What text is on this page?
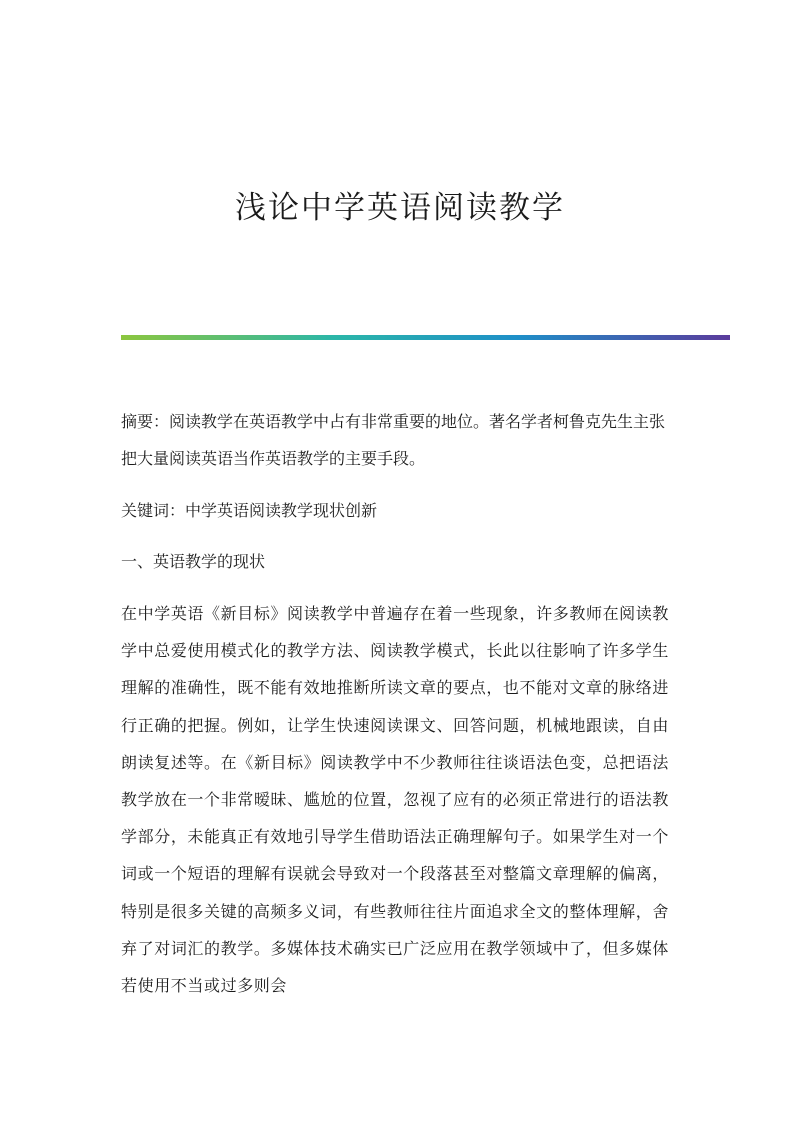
浅论中学英语阅读教学

摘要：阅读教学在英语教学中占有非常重要的地位。著名学者柯鲁克先生主张把大量阅读英语当作英语教学的主要手段。

关键词：中学英语阅读教学现状创新

一、英语教学的现状

在中学英语《新目标》阅读教学中普遍存在着一些现象，许多教师在阅读教学中总爱使用模式化的教学方法、阅读教学模式，长此以往影响了许多学生理解的准确性，既不能有效地推断所读文章的要点，也不能对文章的脉络进行正确的把握。例如，让学生快速阅读课文、回答问题，机械地跟读，自由朗读复述等。在《新目标》阅读教学中不少教师往往谈语法色变，总把语法教学放在一个非常暧昧、尴尬的位置，忽视了应有的必须正常进行的语法教学部分，未能真正有效地引导学生借助语法正确理解句子。如果学生对一个词或一个短语的理解有误就会导致对一个段落甚至对整篇文章理解的偏离，特别是很多关键的高频多义词，有些教师往往片面追求全文的整体理解，舍弃了对词汇的教学。多媒体技术确实已广泛应用在教学领域中了，但多媒体若使用不当或过多则会
